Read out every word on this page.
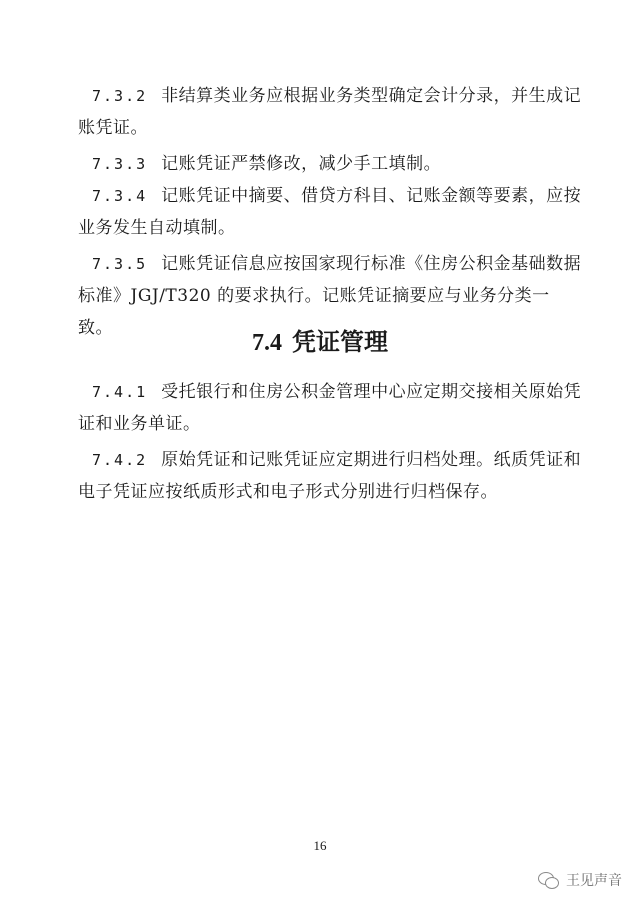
7.3.2 非结算类业务应根据业务类型确定会计分录，并生成记账凭证。

7.3.3 记账凭证严禁修改，减少手工填制。

7.3.4 记账凭证中摘要、借贷方科目、记账金额等要素，应按业务发生自动填制。

7.3.5 记账凭证信息应按国家现行标准《住房公积金基础数据标准》JGJ/T320 的要求执行。记账凭证摘要应与业务分类一致。

7.4 凭证管理

7.4.1 受托银行和住房公积金管理中心应定期交接相关原始凭证和业务单证。

7.4.2 原始凭证和记账凭证应定期进行归档处理。纸质凭证和电子凭证应按纸质形式和电子形式分别进行归档保存。

16
王见声音
